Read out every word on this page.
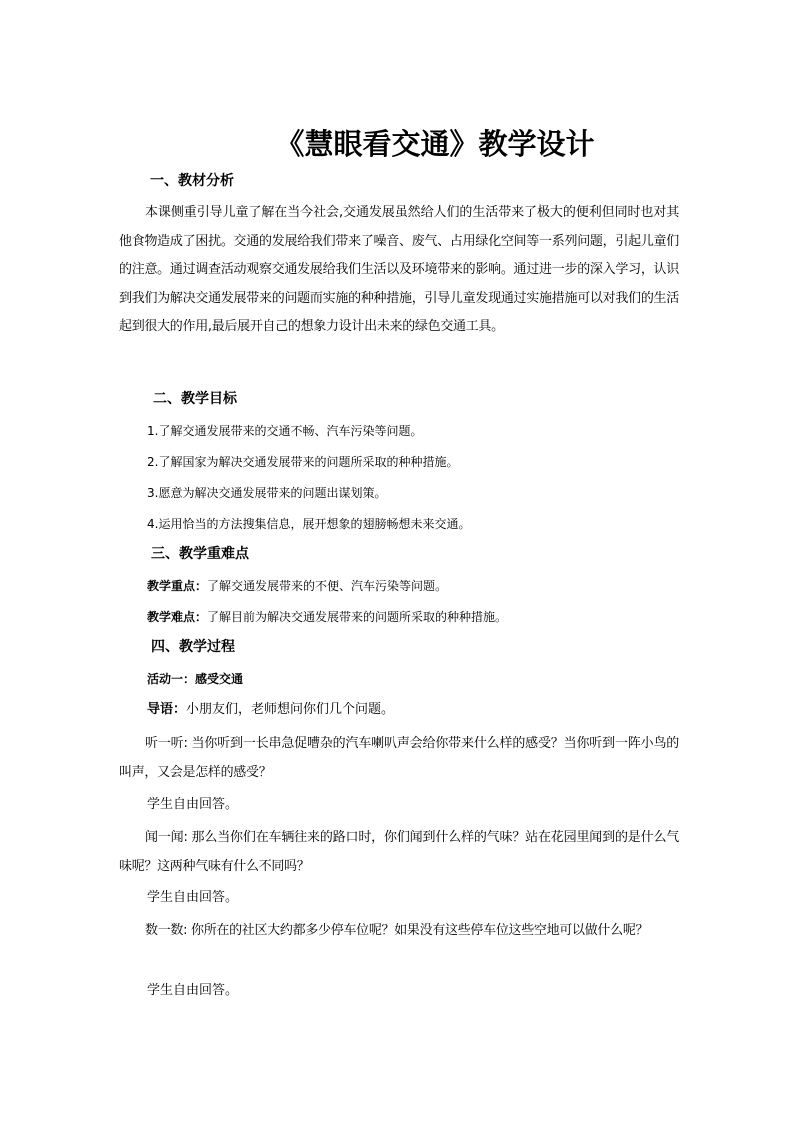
《慧眼看交通》教学设计
一、教材分析

本课侧重引导儿童了解在当今社会,交通发展虽然给人们的生活带来了极大的便利但同时也对其他食物造成了困扰。交通的发展给我们带来了噪音、废气、占用绿化空间等一系列问题，引起儿童们的注意。通过调查活动观察交通发展给我们生活以及环境带来的影响。通过进一步的深入学习，认识到我们为解决交通发展带来的问题而实施的种种措施，引导儿童发现通过实施措施可以对我们的生活起到很大的作用,最后展开自己的想象力设计出未来的绿色交通工具。

二、教学目标
1.了解交通发展带来的交通不畅、汽车污染等问题。
2.了解国家为解决交通发展带来的问题所采取的种种措施。
3.愿意为解决交通发展带来的问题出谋划策。
4.运用恰当的方法搜集信息，展开想象的翅膀畅想未来交通。
三、教学重难点
教学重点：了解交通发展带来的不便、汽车污染等问题。
教学难点：了解目前为解决交通发展带来的问题所采取的种种措施。
四、教学过程
活动一：感受交通
导语：小朋友们，老师想问你们几个问题。

听一听: 当你听到一长串急促嘈杂的汽车喇叭声会给你带来什么样的感受？当你听到一阵小鸟的叫声，又会是怎样的感受？

学生自由回答。

闻一闻: 那么当你们在车辆往来的路口时，你们闻到什么样的气味？站在花园里闻到的是什么气味呢？这两种气味有什么不同吗？

学生自由回答。

数一数: 你所在的社区大约都多少停车位呢？如果没有这些停车位这些空地可以做什么呢？

学生自由回答。
